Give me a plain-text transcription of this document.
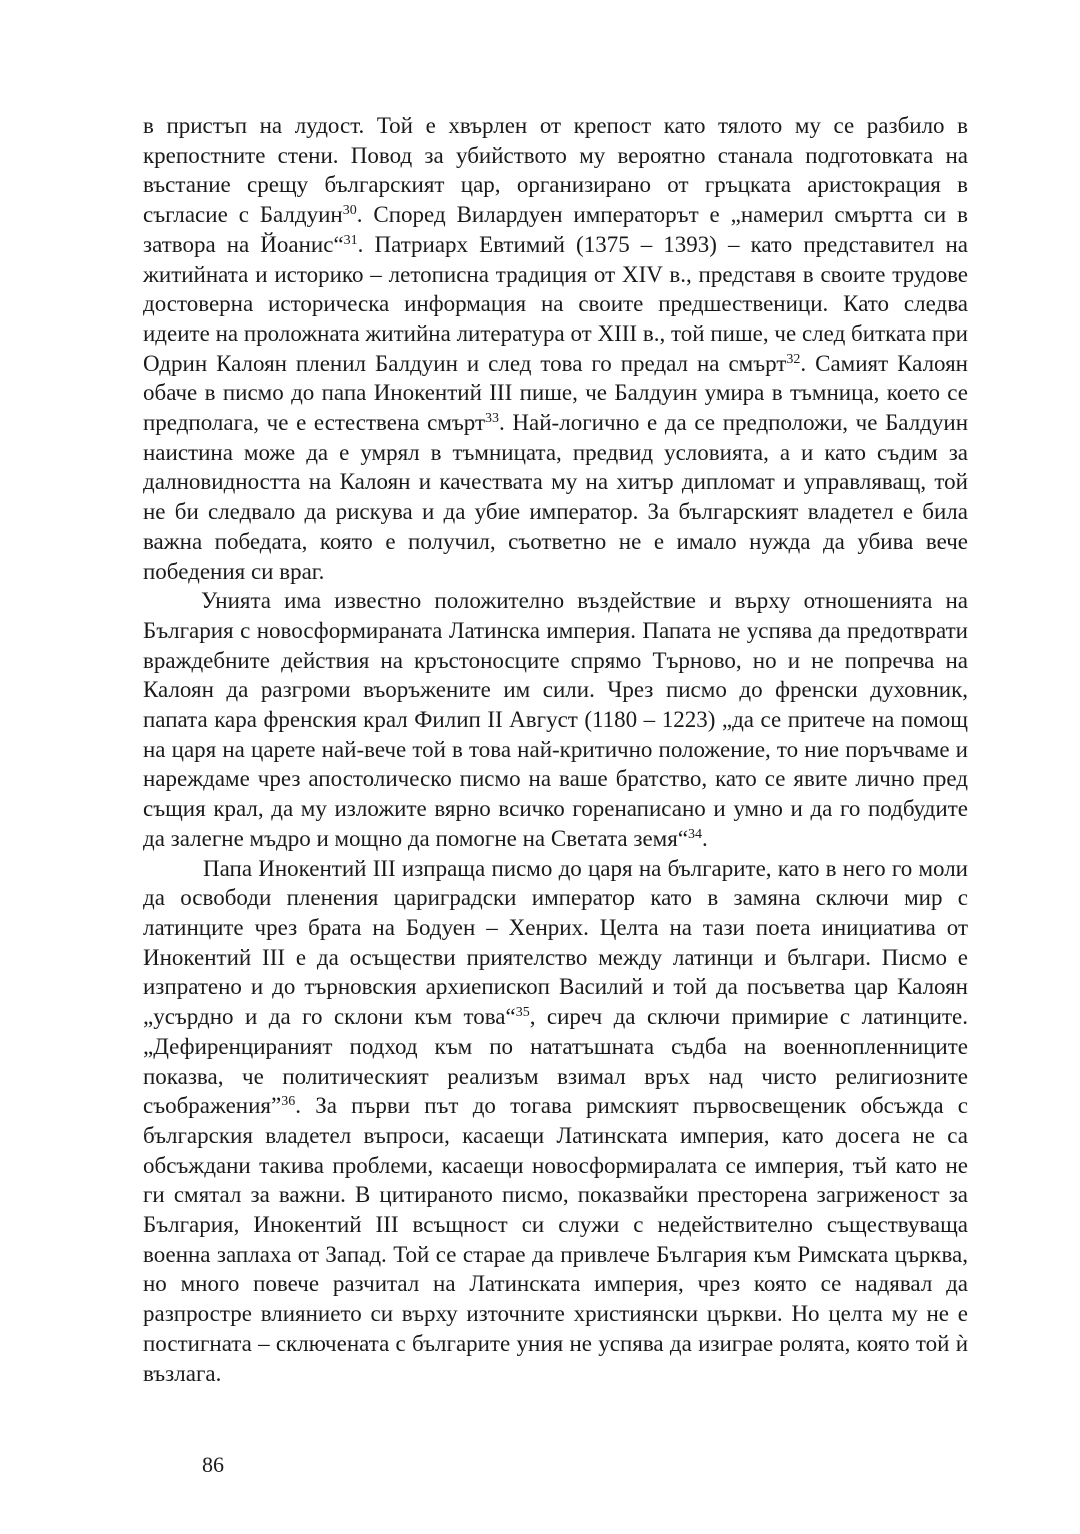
в пристъп на лудост. Той е хвърлен от крепост като тялото му се разбило в крепостните стени. Повод за убийството му вероятно станала подготовката на въстание срещу българският цар, организирано от гръцката аристокрация в съгласие с Балдуин$^{30}$. Според Вилардуен императорът е „намерил смъртта си в затвора на Йоанис“$^{31}$. Патриарх Евтимий (1375 – 1393) – като представител на житийната и историко – летописна традиция от XIV в., представя в своите трудове достоверна историческа информация на своите предшественици. Като следва идеите на проложната житийна литература от XIII в., той пише, че след битката при Одрин Калоян пленил Балдуин и след това го предал на смърт$^{32}$. Самият Калоян обаче в писмо до папа Инокентий III пише, че Балдуин умира в тъмница, което се предполага, че е естествена смърт$^{33}$. Най-логично е да се предположи, че Балдуин наистина може да е умрял в тъмницата, предвид условията, а и като съдим за далновидността на Калоян и качествата му на хитър дипломат и управляващ, той не би следвало да рискува и да убие император. За българският владетел е била важна победата, която е получил, съответно не е имало нужда да убива вече победения си враг.

Унията има известно положително въздействие и върху отношенията на България с новосформираната Латинска империя. Папата не успява да предотврати враждебните действия на кръстоносците спрямо Търново, но и не попречва на Калоян да разгроми въоръжените им сили. Чрез писмо до френски духовник, папата кара френския крал Филип II Август (1180 – 1223) „да се притече на помощ на царя на царете най-вече той в това най-критично положение, то ние поръчваме и нареждаме чрез апостолическо писмо на ваше братство, като се явите лично пред същия крал, да му изложите вярно всичко горенаписано и умно и да го подбудите да залегне мъдро и мощно да помогне на Светата земя“$^{34}$.

Папа Инокентий III изпраща писмо до царя на българите, като в него го моли да освободи пленения цариградски император като в замяна сключи мир с латинците чрез брата на Бодуен – Хенрих. Целта на тази поета инициатива от Инокентий III е да осъществи приятелство между латинци и българи. Писмо е изпратено и до търновския архиепископ Василий и той да посъветва цар Калоян „усърдно и да го склони към това“$^{35}$, сиреч да сключи примирие с латинците. „Дефиренцираният подход към по нататъшната съдба на военнопленниците показва, че политическият реализъм взимал връх над чисто религиозните съображения”$^{36}$. За първи път до тогава римският първосвещеник обсъжда с българския владетел въпроси, касаещи Латинската империя, като досега не са обсъждани такива проблеми, касаещи новосформиралата се империя, тъй като не ги смятал за важни. В цитираното писмо, показвайки престорена загриженост за България, Инокентий III всъщност си служи с недействително съществуваща военна заплаха от Запад. Той се старае да привлече България към Римската църква, но много повече разчитал на Латинската империя, чрез която се надявал да разпростре влиянието си върху източните християнски църкви. Но целта му не е постигната – сключената с българите уния не успява да изиграе ролята, която той ѝ възлага.

86
